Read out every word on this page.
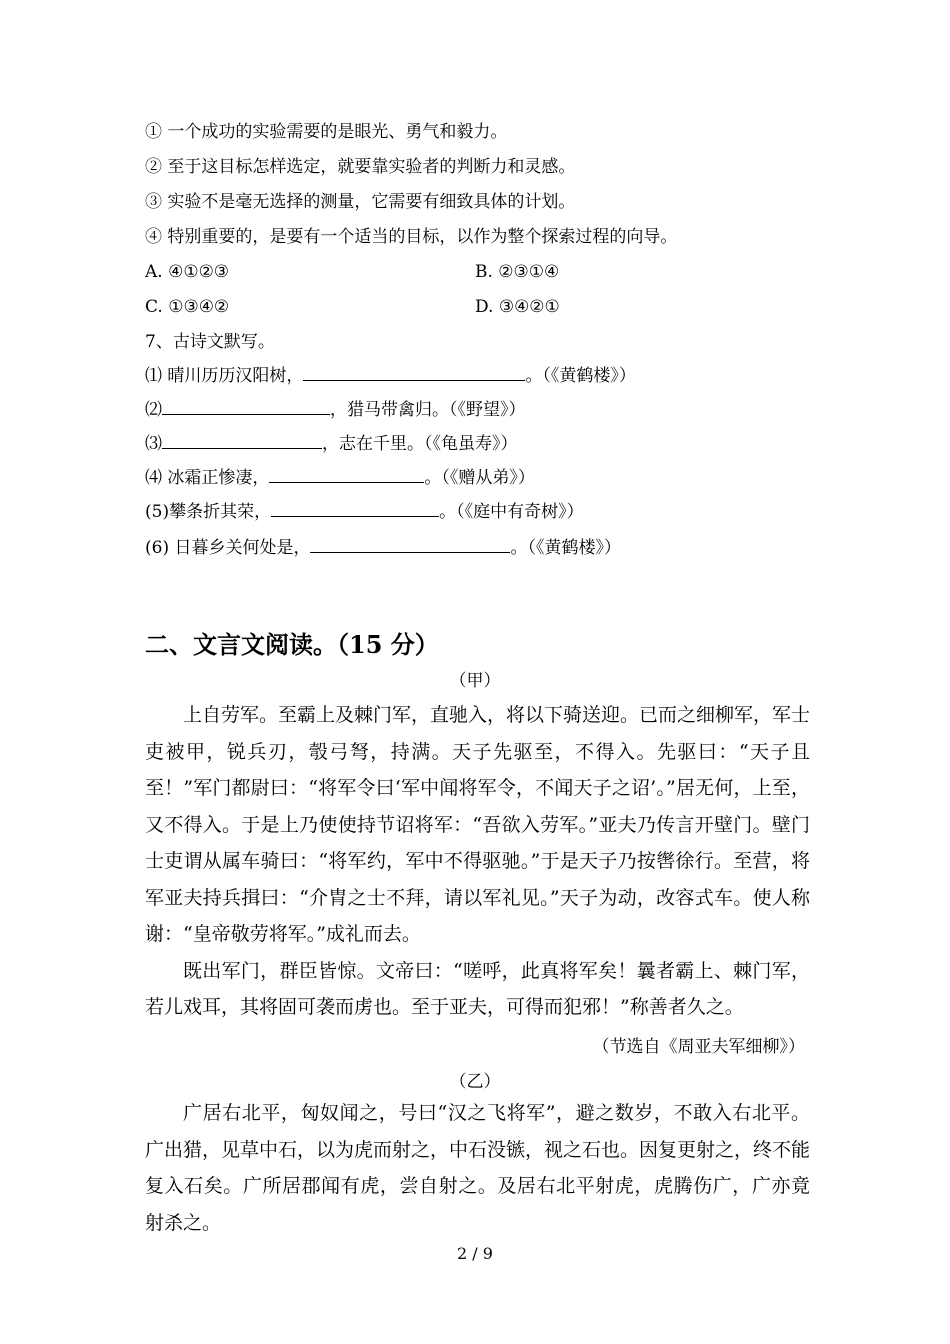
① 一个成功的实验需要的是眼光、勇气和毅力。
② 至于这目标怎样选定，就要靠实验者的判断力和灵感。
③ 实验不是毫无选择的测量，它需要有细致具体的计划。
④ 特别重要的，是要有一个适当的目标，以作为整个探索过程的向导。
A. ④①②③	B. ②③①④
C. ①③④②	D. ③④②①
7、古诗文默写。
⑴ 晴川历历汉阳树，	。（《黄鹤楼》）
⑵	，猎马带禽归。（《野望》）
⑶	，志在千里。（《龟虽寿》）
⑷ 冰霜正惨凄，	。（《赠从弟》）
(5)攀条折其荣，	。（《庭中有奇树》）
(6) 日暮乡关何处是，	。（《黄鹤楼》）
二、文言文阅读。（15 分）
（甲）

上自劳军。至霸上及棘门军，直驰入，将以下骑送迎。已而之细柳军，军士吏被甲，锐兵刃，彀弓弩，持满。天子先驱至，不得入。先驱曰：“天子且至！”军门都尉曰：“将军令曰‘军中闻将军令，不闻天子之诏’。”居 ·无何，上至，又不得入。于是上乃使使持节诏将军：“吾欲入劳军。”亚夫乃传言开壁门。壁门士吏谓从属车骑曰：“将军约，军中不得驱驰。”于是天子乃按辔徐行。至营，将军亚夫持兵揖曰：“介胄之士不拜，请以军礼见。”天子为 ·动，改容式车。使人称谢：“皇帝敬劳将军。”成礼而去。

既出军门，群臣皆惊。文帝曰：“嗟呼，此真将军矣！曩者霸上、棘门军，若儿戏耳，其将固可袭而虏也。至于亚夫，可得而犯邪！”称善者久之。

（节选自《周亚夫军细柳》）
（乙）

广居右北平，匈奴闻之，号曰“汉之飞将军”，避之数岁，不敢入右北平。广出猎，见草中石，以为虎而射之，中石没镞，视之石也。因复更射之，终不能复 ·入石矣。广所居郡闻有虎，尝自射之。及居右北平射虎，虎腾伤广，广亦竟射杀之。

2 / 9
